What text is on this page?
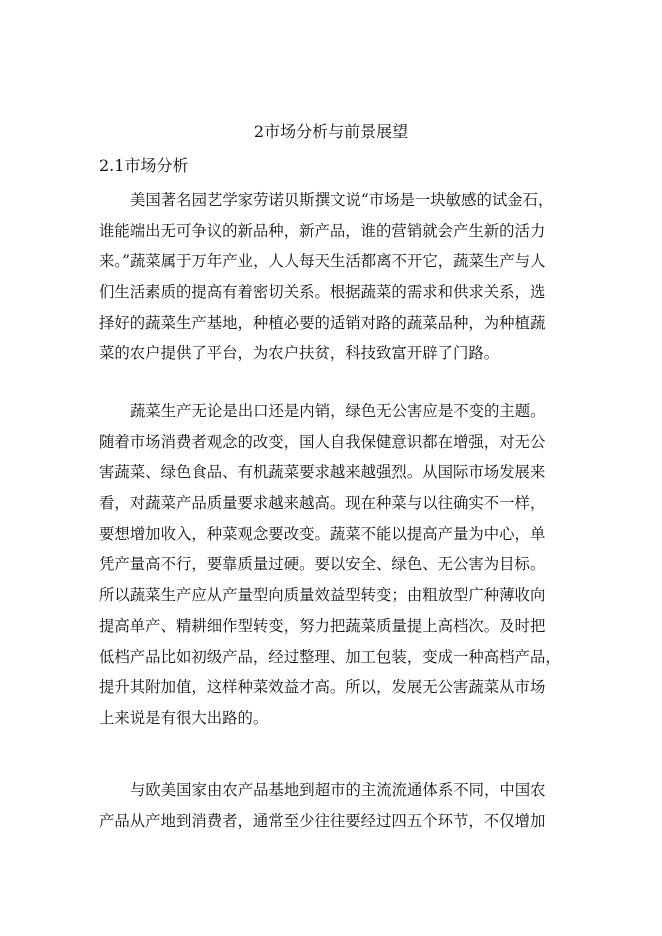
2市场分析与前景展望
2.1市场分析
美国著名园艺学家劳诺贝斯撰文说“市场是一块敏感的试金石，
谁能端出无可争议的新品种，新产品，谁的营销就会产生新的活力
来。”蔬菜属于万年产业，人人每天生活都离不开它，蔬菜生产与人
们生活素质的提高有着密切关系。根据蔬菜的需求和供求关系，选
择好的蔬菜生产基地，种植必要的适销对路的蔬菜品种，为种植蔬
菜的农户提供了平台，为农户扶贫，科技致富开辟了门路。
蔬菜生产无论是出口还是内销，绿色无公害应是不变的主题。
随着市场消费者观念的改变，国人自我保健意识都在增强，对无公
害蔬菜、绿色食品、有机蔬菜要求越来越强烈。从国际市场发展来
看，对蔬菜产品质量要求越来越高。现在种菜与以往确实不一样，
要想增加收入，种菜观念要改变。蔬菜不能以提高产量为中心，单
凭产量高不行，要靠质量过硬。要以安全、绿色、无公害为目标。
所以蔬菜生产应从产量型向质量效益型转变；由粗放型广种薄收向
提高单产、精耕细作型转变，努力把蔬菜质量提上高档次。及时把
低档产品比如初级产品，经过整理、加工包装，变成一种高档产品，
提升其附加值，这样种菜效益才高。所以，发展无公害蔬菜从市场
上来说是有很大出路的。
与欧美国家由农产品基地到超市的主流流通体系不同，中国农
产品从产地到消费者，通常至少往往要经过四五个环节，不仅增加
